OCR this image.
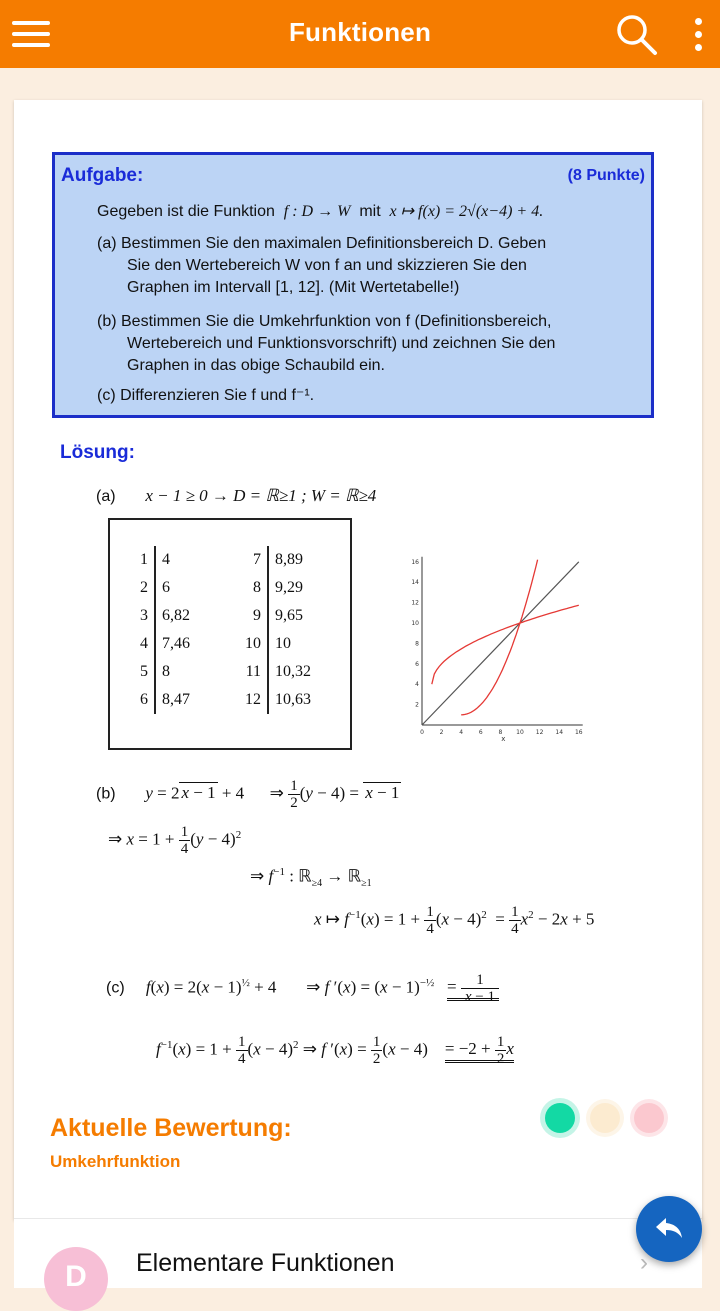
Funktionen
Aufgabe:	(8 Punkte)
Gegeben ist die Funktion f : D → W mit x ↦ f(x) = 2√(x−4) + 4.
(a) Bestimmen Sie den maximalen Definitionsbereich D. Geben
Sie den Wertebereich W von f an und skizzieren Sie den
Graphen im Intervall [1, 12]. (Mit Wertetabelle!)
(b) Bestimmen Sie die Umkehrfunktion von f (Definitionsbereich,
Wertebereich und Funktionsvorschrift) und zeichnen Sie den
Graphen in das obige Schaubild ein.
(c) Differenzieren Sie f und f⁻¹.
Lösung:
(a) x − 1 ≥ 0 → D = ℝ≥1 ; W = ℝ≥4
1	4		7	8,89
2	6		8	9,29
3	6,82		9	9,65
4	7,46		10	10
5	8		11	10,32
6	8,47		12	10,63
16
14
12
10
8
6
4
2
0	2	4	6	8 10 12 14 16
x
(b) y = 2 x − 1 + 4      ⇒ $\frac{1}{2} (y - 4) = x - 1$
⇒ $x = 1 + \frac{1}{4} (y - 4)^2$
⇒ $f^{-1}$ : ℝ$_{\ge 4}$ → ℝ$_{\ge 1}$
x ↦ $f^{-1}(x) = 1 + \frac{1}{4} (x - 4)^2 = \frac{1}{4} x^2 - 2x + 5$
(c) $f(x) = 2(x - 1)^{\frac{1}{2}} + 4$       ⇒ f $'(x) = (x - 1)^{-\frac{1}{2}} = \frac{1}{x - 1}$
$f^{-1}(x) = 1 + \frac{1}{4} (x - 4)^2$ ⇒ f $'(x) = \frac{1}{2} (x - 4)$    = $-2 + \frac{1}{2}$ x
Aktuelle Bewertung:
Umkehrfunktion
D	Elementare Funktionen	›
